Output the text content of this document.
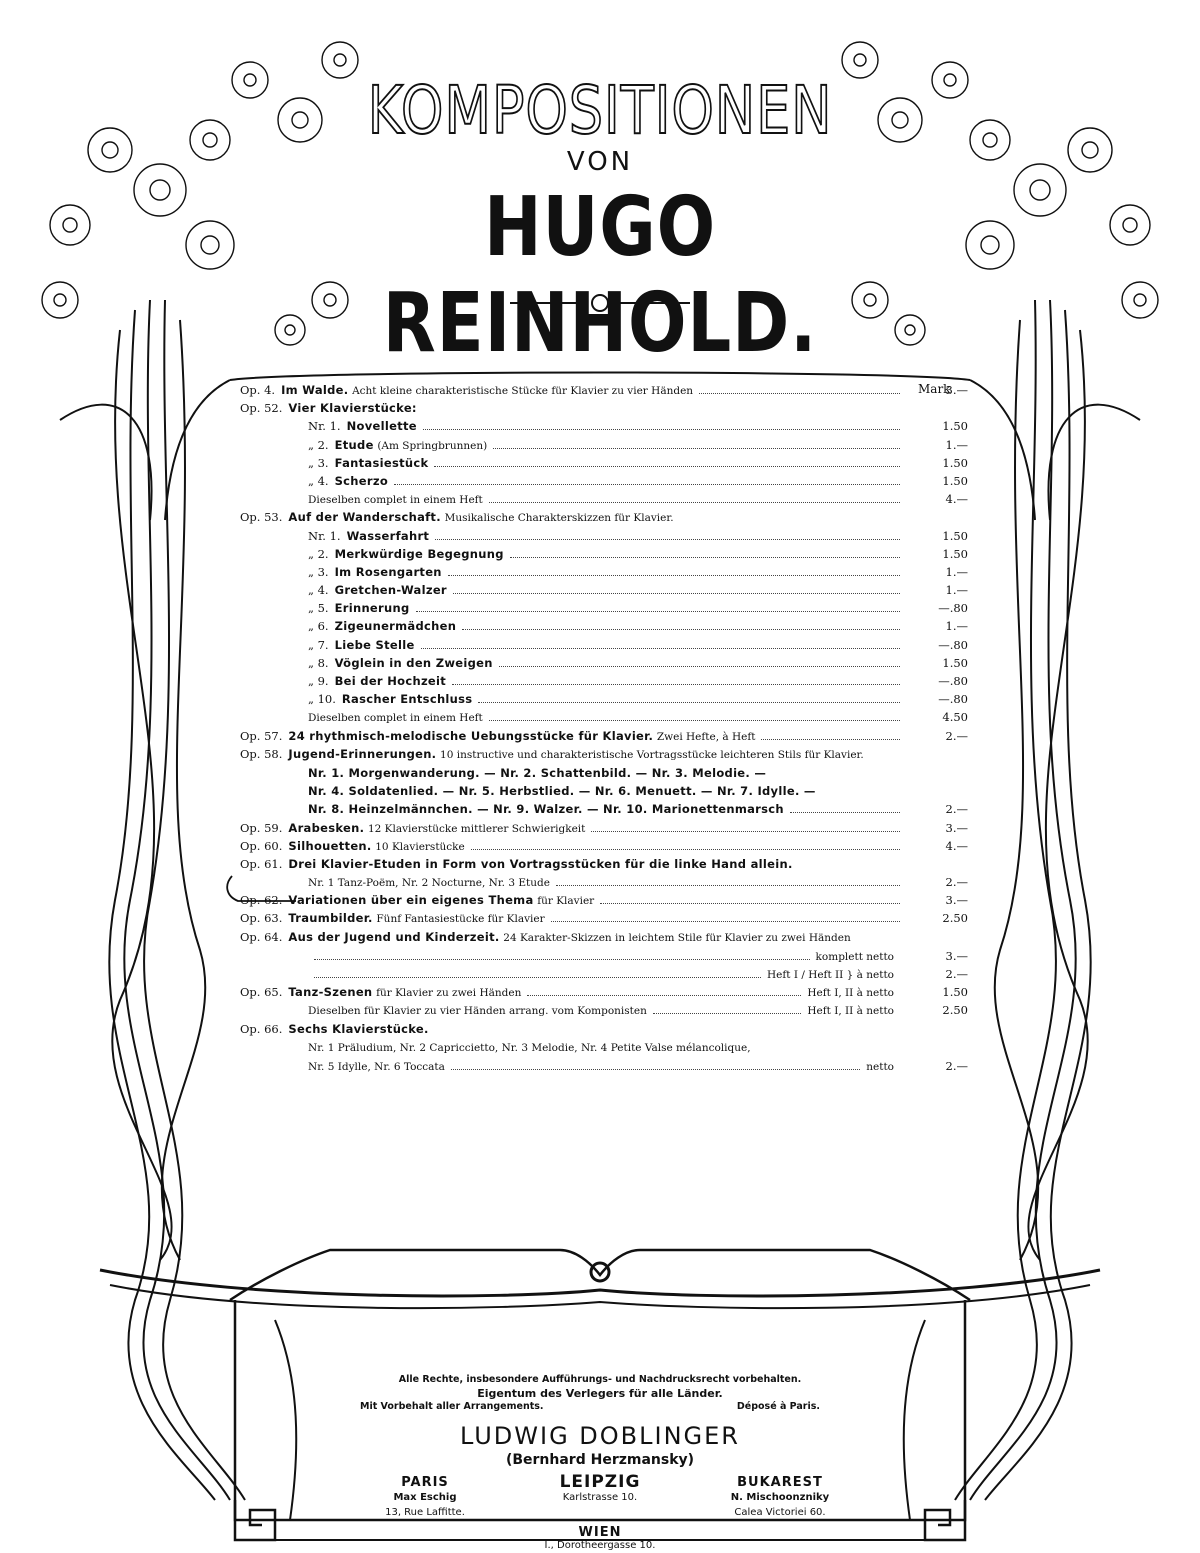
KOMPOSITIONEN
VON
HUGO REINHOLD.
Mark
Op. 4. Im Walde. Acht kleine charakteristische Stücke für Klavier zu vier Händen	3.—
Op. 52. Vier Klavierstücke:
Nr. 1. Novellette	1.50
„ 2. Etude (Am Springbrunnen)	1.—
„ 3. Fantasiestück	1.50
„ 4. Scherzo	1.50
Dieselben complet in einem Heft	4.—
Op. 53. Auf der Wanderschaft. Musikalische Charakterskizzen für Klavier.
Nr. 1. Wasserfahrt	1.50
„ 2. Merkwürdige Begegnung	1.50
„ 3. Im Rosengarten	1.—
„ 4. Gretchen-Walzer	1.—
„ 5. Erinnerung	—.80
„ 6. Zigeunermädchen	1.—
„ 7. Liebe Stelle	—.80
„ 8. Vöglein in den Zweigen	1.50
„ 9. Bei der Hochzeit	—.80
„ 10. Rascher Entschluss	—.80
Dieselben complet in einem Heft	4.50
Op. 57. 24 rhythmisch-melodische Uebungsstücke für Klavier. Zwei Hefte, à Heft	2.—
Op. 58. Jugend-Erinnerungen. 10 instructive und charakteristische Vortragsstücke leichteren Stils für Klavier.
Nr. 1. Morgenwanderung. — Nr. 2. Schattenbild. — Nr. 3. Melodie. —
Nr. 4. Soldatenlied. — Nr. 5. Herbstlied. — Nr. 6. Menuett. — Nr. 7. Idylle. —
Nr. 8. Heinzelmännchen. — Nr. 9. Walzer. — Nr. 10. Marionettenmarsch	2.—
Op. 59. Arabesken. 12 Klavierstücke mittlerer Schwierigkeit	3.—
Op. 60. Silhouetten. 10 Klavierstücke	4.—
Op. 61. Drei Klavier-Etuden in Form von Vortragsstücken für die linke Hand allein.
Nr. 1 Tanz-Poëm, Nr. 2 Nocturne, Nr. 3 Etude	2.—
Op. 62. Variationen über ein eigenes Thema für Klavier	3.—
Op. 63. Traumbilder. Fünf Fantasiestücke für Klavier	2.50
Op. 64. Aus der Jugend und Kinderzeit. 24 Karakter-Skizzen in leichtem Stile für Klavier zu zwei Händen
komplett netto	3.—
Heft I / Heft II } à netto	2.—
Op. 65. Tanz-Szenen für Klavier zu zwei Händen	Heft I, II à netto	1.50
Dieselben für Klavier zu vier Händen arrang. vom Komponisten	Heft I, II à netto	2.50
Op. 66. Sechs Klavierstücke.
Nr. 1 Präludium, Nr. 2 Capriccietto, Nr. 3 Melodie, Nr. 4 Petite Valse mélancolique,
Nr. 5 Idylle, Nr. 6 Toccata	netto	2.—
Alle Rechte, insbesondere Aufführungs- und Nachdrucksrecht vorbehalten.
Eigentum des Verlegers für alle Länder.
Mit Vorbehalt aller Arrangements.	Déposé à Paris.
LUDWIG DOBLINGER
(Bernhard Herzmansky)
PARIS
Max Eschig
13, Rue Laffitte.
LEIPZIG
Karlstrasse 10.
BUKAREST
N. Mischoonzniky
Calea Victoriei 60.
WIEN
I., Dorotheergasse 10.
